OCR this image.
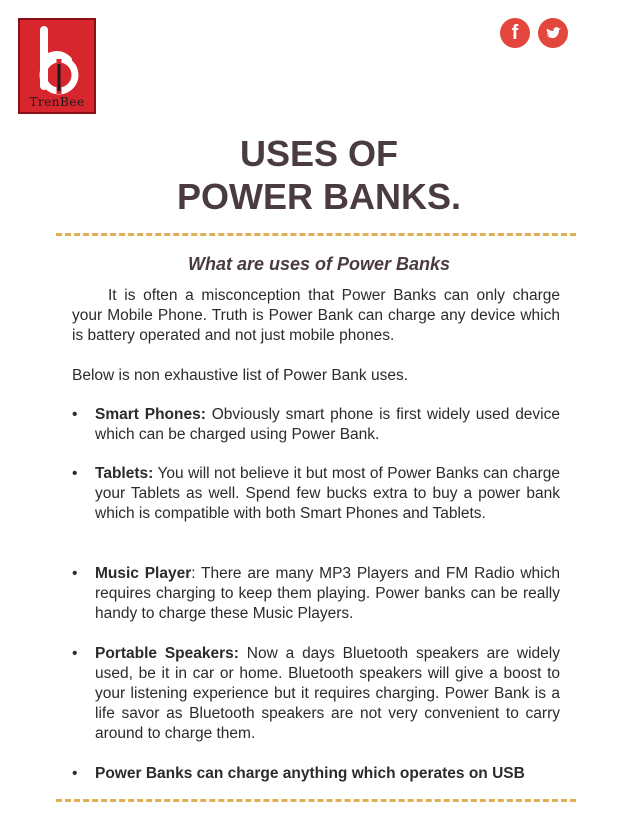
TrenBee
f
USES OF
POWER BANKS.
What are uses of Power Banks

It is often a misconception that Power Banks can only charge your Mobile Phone. Truth is Power Bank can charge any device which is battery operated and not just mobile phones.

Below is non exhaustive list of Power Bank uses.

• Smart Phones: Obviously smart phone is first widely used device which can be charged using Power Bank.
• Tablets: You will not believe it but most of Power Banks can charge your Tablets as well. Spend few bucks extra to buy a power bank which is compatible with both Smart Phones and Tablets.
• Music Player: There are many MP3 Players and FM Radio which requires charging to keep them playing. Power banks can be really handy to charge these Music Players.
• Portable Speakers: Now a days Bluetooth speakers are widely used, be it in car or home. Bluetooth speakers will give a boost to your listening experience but it requires charging. Power Bank is a life savor as Bluetooth speakers are not very convenient to carry around to charge them.
• Power Banks can charge anything which operates on USB
